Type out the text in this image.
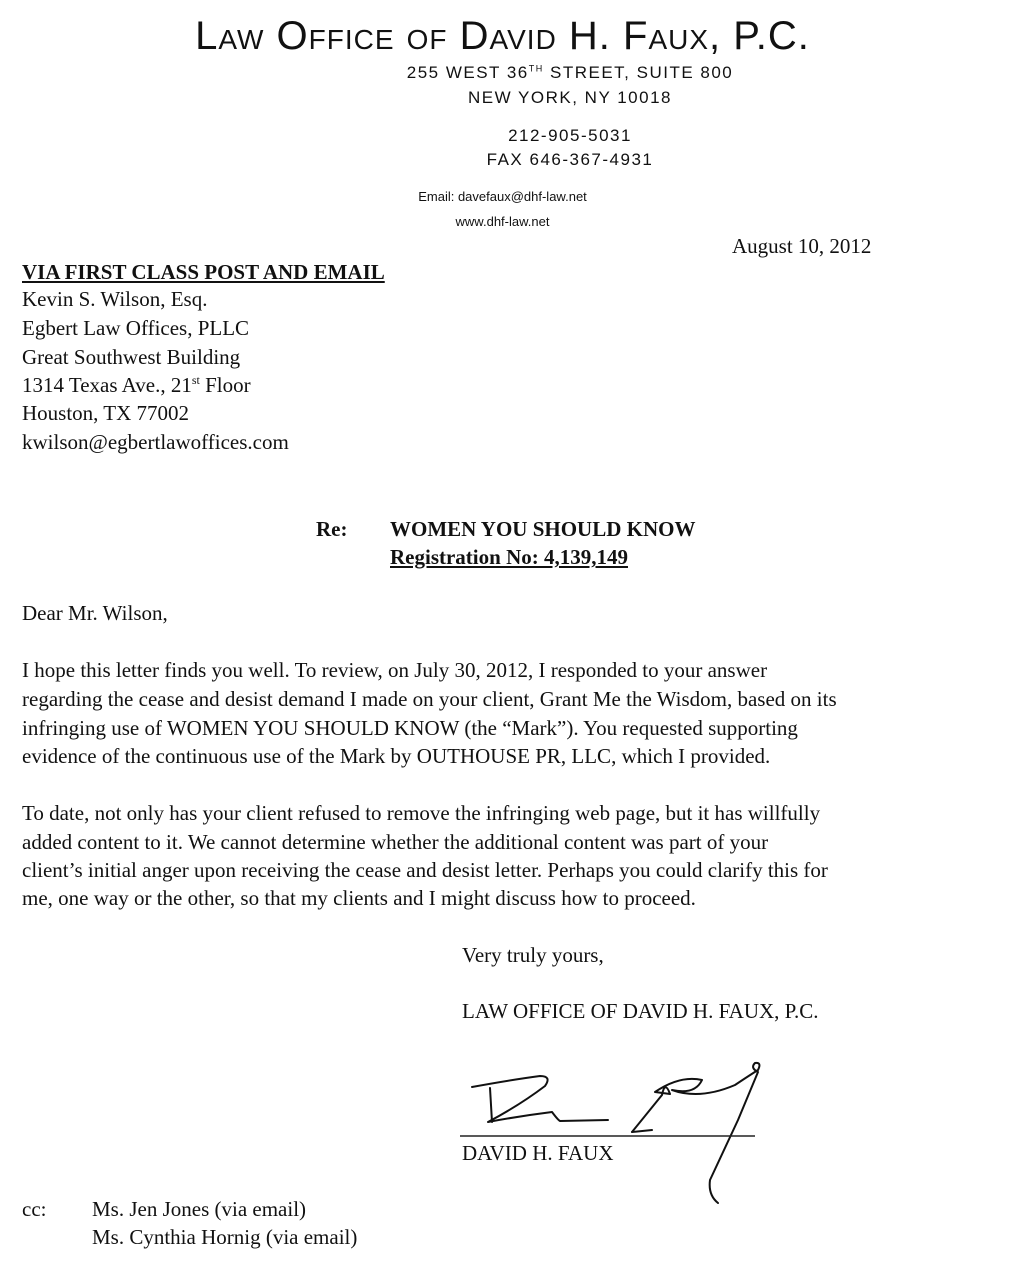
Law Office of David H. Faux, P.C.
255 WEST 36TH STREET, SUITE 800
NEW YORK, NY 10018
212-905-5031
FAX 646-367-4931
Email: davefaux@dhf-law.net
www.dhf-law.net
August 10, 2012
VIA FIRST CLASS POST AND EMAIL
Kevin S. Wilson, Esq.
Egbert Law Offices, PLLC
Great Southwest Building
1314 Texas Ave., 21st Floor
Houston, TX 77002
kwilson@egbertlawoffices.com
Re: WOMEN YOU SHOULD KNOW
Registration No: 4,139,149
Dear Mr. Wilson,
I hope this letter finds you well. To review, on July 30, 2012, I responded to your answer
regarding the cease and desist demand I made on your client, Grant Me the Wisdom, based on its
infringing use of WOMEN YOU SHOULD KNOW (the “Mark”). You requested supporting
evidence of the continuous use of the Mark by OUTHOUSE PR, LLC, which I provided.
To date, not only has your client refused to remove the infringing web page, but it has willfully
added content to it. We cannot determine whether the additional content was part of your
client’s initial anger upon receiving the cease and desist letter. Perhaps you could clarify this for
me, one way or the other, so that my clients and I might discuss how to proceed.
Very truly yours,
LAW OFFICE OF DAVID H. FAUX, P.C.
DAVID H. FAUX
cc: Ms. Jen Jones (via email)
Ms. Cynthia Hornig (via email)
